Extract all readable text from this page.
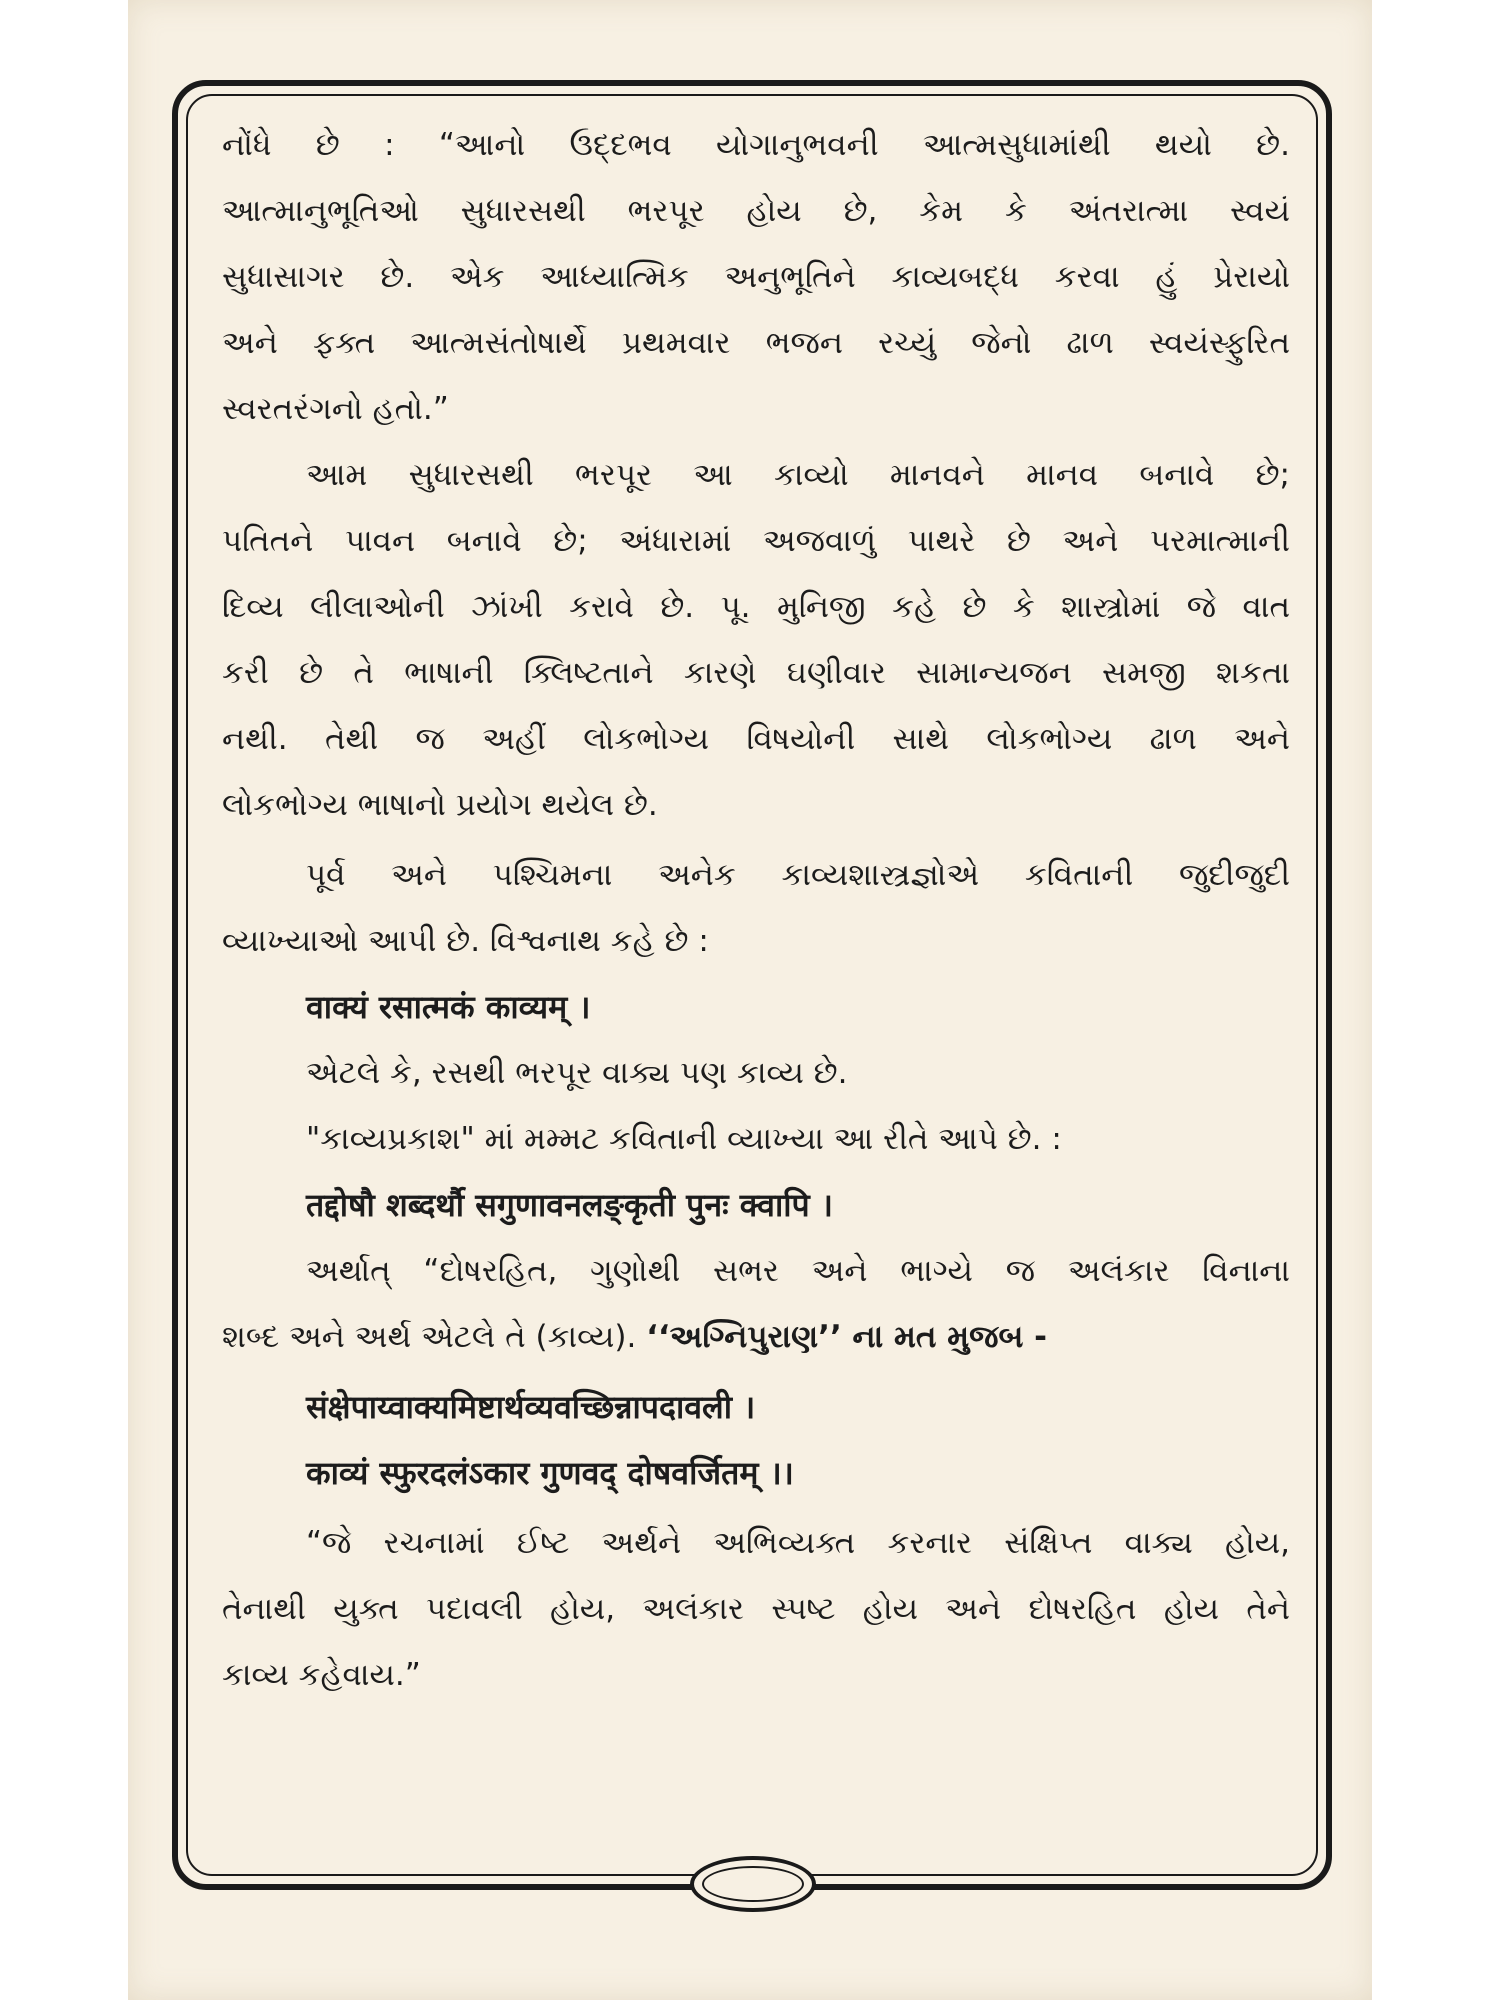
નોંધે છે : “આનો ઉદ્દભવ યોગાનુભવની આત્મસુધામાંથી થયો છે.
આત્માનુભૂતિઓ સુધારસથી ભરપૂર હોય છે, કેમ કે અંતરાત્મા સ્વયં
સુધાસાગર છે. એક આધ્યાત્મિક અનુભૂતિને કાવ્યબદ્ધ કરવા હું પ્રેરાયો
અને ફક્ત આત્મસંતોષાર્થે પ્રથમવાર ભજન રચ્યું જેનો ઢાળ સ્વયંસ્ફુરિત
સ્વરતરંગનો હતો.”
આમ સુધારસથી ભરપૂર આ કાવ્યો માનવને માનવ બનાવે છે;
પતિતને પાવન બનાવે છે; અંધારામાં અજવાળું પાથરે છે અને પરમાત્માની
દિવ્ય લીલાઓની ઝાંખી કરાવે છે. પૂ. મુનિજી કહે છે કે શાસ્ત્રોમાં જે વાત
કરી છે તે ભાષાની ક્લિષ્ટતાને કારણે ઘણીવાર સામાન્યજન સમજી શકતા
નથી. તેથી જ અહીં લોકભોગ્ય વિષયોની સાથે લોકભોગ્ય ઢાળ અને
લોકભોગ્ય ભાષાનો પ્રયોગ થયેલ છે.
પૂર્વ અને પશ્ચિમના અનેક કાવ્યશાસ્ત્રજ્ઞોએ કવિતાની જુદીજુદી
વ્યાખ્યાઓ આપી છે. વિશ્વનાથ કહે છે :
वाक्यं रसात्मकं काव्यम् ।
એટલે કે, રસથી ભરપૂર વાક્ય પણ કાવ્ય છે.
"કાવ્યપ્રકાશ" માં મમ્મટ કવિતાની વ્યાખ્યા આ રીતે આપે છે. :
तद्दोषौ शब्दर्थौ सगुणावनलङ्कृती पुनः क्वापि ।
અર્થાત્ “દોષરહિત, ગુણોથી સભર અને ભાગ્યે જ અલંકાર વિનાના
શબ્દ અને અર્થ એટલે તે (કાવ્ય). ‘‘અગ્નિપુરાણ’’ ના મત મુજબ -
संक्षेपाय्वाक्यमिष्टार्थव्यवच्छिन्नापदावली ।
काव्यं स्फुरदलंऽकार गुणवद् दोषवर्जितम् ।।
“જે રચનામાં ઈષ્ટ અર્થને અભિવ્યક્ત કરનાર સંક્ષિપ્ત વાક્ય હોય,
તેનાથી યુક્ત પદાવલી હોય, અલંકાર સ્પષ્ટ હોય અને દોષરહિત હોય તેને
કાવ્ય કહેવાય.”
